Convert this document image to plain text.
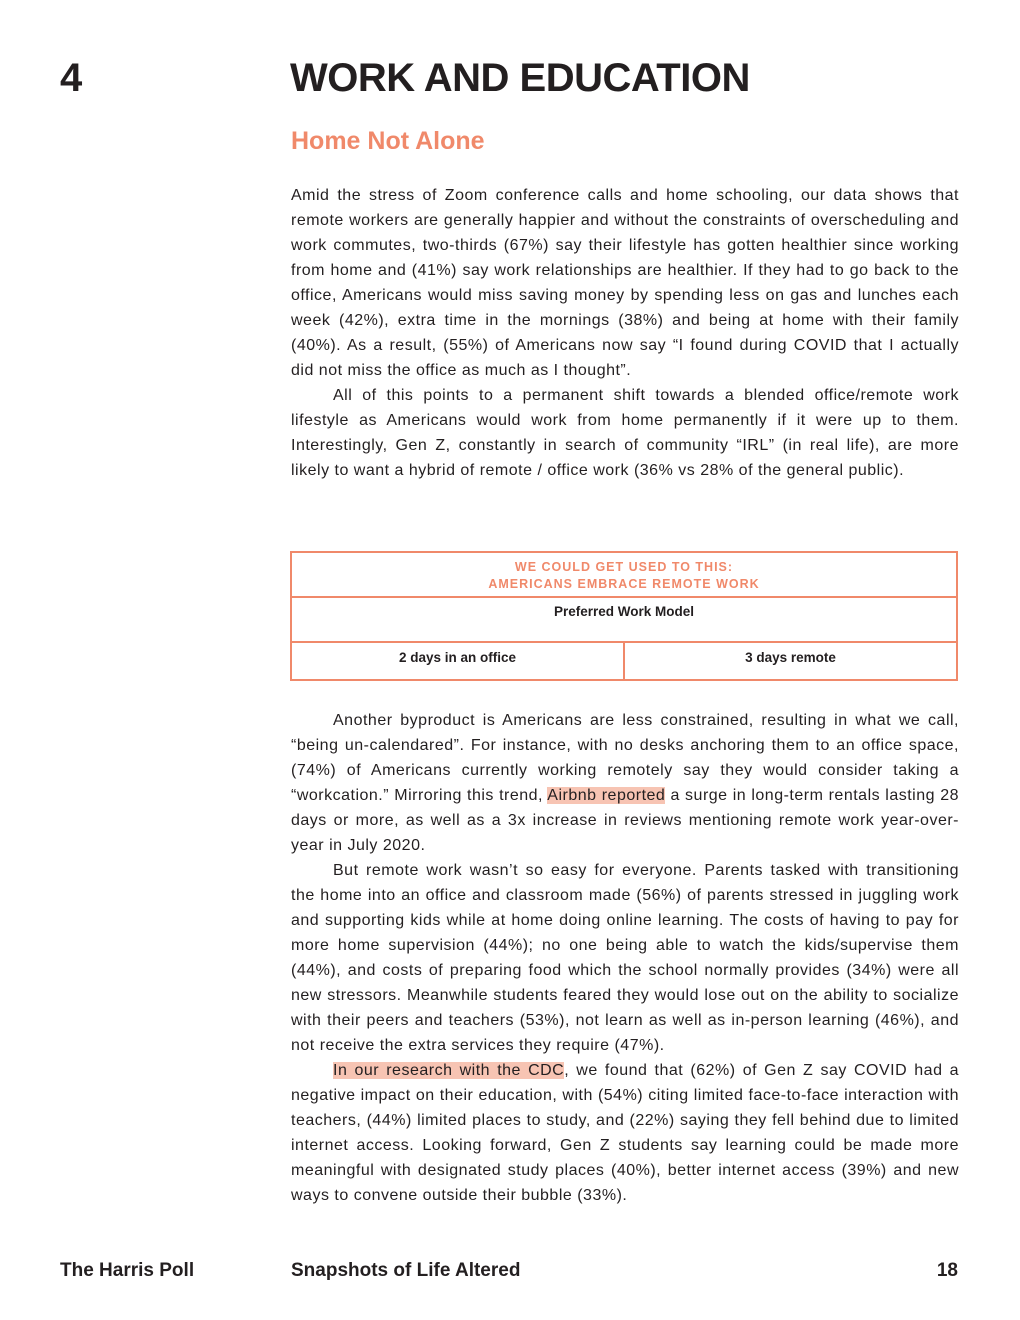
4	WORK AND EDUCATION
Home Not Alone

Amid the stress of Zoom conference calls and home schooling, our data shows that remote workers are generally happier and without the constraints of overscheduling and work commutes, two-thirds (67%) say their lifestyle has gotten healthier since working from home and (41%) say work relationships are healthier. If they had to go back to the office, Americans would miss saving money by spending less on gas and lunches each week (42%), extra time in the mornings (38%) and being at home with their family (40%). As a result, (55%) of Americans now say “I found during COVID that I actually did not miss the office as much as I thought”.

All of this points to a permanent shift towards a blended office/remote work lifestyle as Americans would work from home permanently if it were up to them. Interestingly, Gen Z, constantly in search of community “IRL” (in real life), are more likely to want a hybrid of remote / office work (36% vs 28% of the general public).

WE COULD GET USED TO THIS:
AMERICANS EMBRACE REMOTE WORK
Preferred Work Model
2 days in an office	3 days remote

Another byproduct is Americans are less constrained, resulting in what we call, “being un-calendared”. For instance, with no desks anchoring them to an office space, (74%) of Americans currently working remotely say they would consider taking a “workcation.” Mirroring this trend, Airbnb reported a surge in long-term rentals lasting 28 days or more, as well as a 3x increase in reviews mentioning remote work year-over-year in July 2020.

But remote work wasn’t so easy for everyone. Parents tasked with transitioning the home into an office and classroom made (56%) of parents stressed in juggling work and supporting kids while at home doing online learning. The costs of having to pay for more home supervision (44%); no one being able to watch the kids/supervise them (44%), and costs of preparing food which the school normally provides (34%) were all new stressors. Meanwhile students feared they would lose out on the ability to socialize with their peers and teachers (53%), not learn as well as in-person learning (46%), and not receive the extra services they require (47%).

In our research with the CDC, we found that (62%) of Gen Z say COVID had a negative impact on their education, with (54%) citing limited face-to-face interaction with teachers, (44%) limited places to study, and (22%) saying they fell behind due to limited internet access. Looking forward, Gen Z students say learning could be made more meaningful with designated study places (40%), better internet access (39%) and new ways to convene outside their bubble (33%).

The Harris Poll	Snapshots of Life Altered	18
